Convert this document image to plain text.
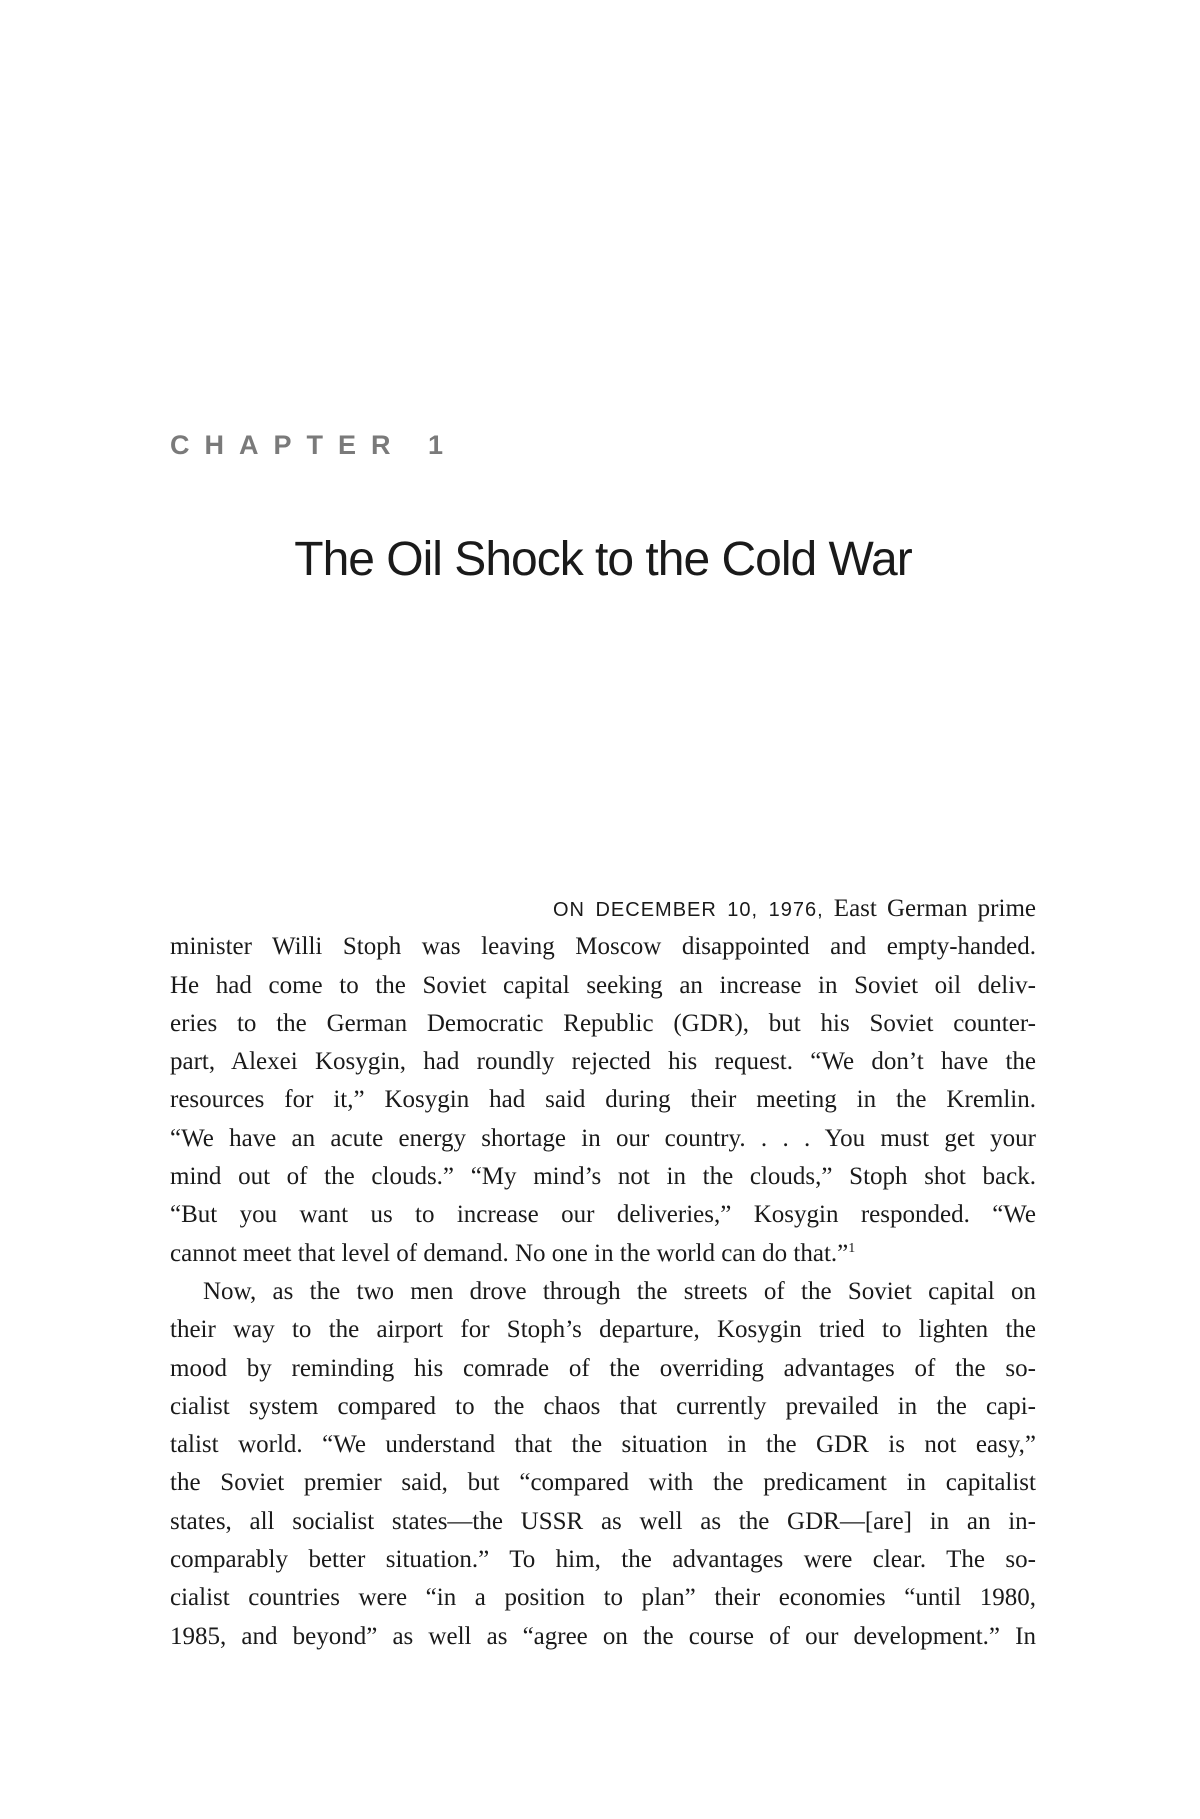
CHAPTER 1
The Oil Shock to the Cold War
ON DECEMBER 10, 1976, East German prime
minister Willi Stoph was leaving Moscow disappointed and empty-handed.
He had come to the Soviet capital seeking an increase in Soviet oil deliv-
eries to the German Democratic Republic (GDR), but his Soviet counter-
part, Alexei Kosygin, had roundly rejected his request. “We don’t have the
resources for it,” Kosygin had said during their meeting in the Kremlin.
“We have an acute energy shortage in our country. . . . You must get your
mind out of the clouds.” “My mind’s not in the clouds,” Stoph shot back.
“But you want us to increase our deliveries,” Kosygin responded. “We
cannot meet that level of demand. No one in the world can do that.”$^1$
Now, as the two men drove through the streets of the Soviet capital on
their way to the airport for Stoph’s departure, Kosygin tried to lighten the
mood by reminding his comrade of the overriding advantages of the so-
cialist system compared to the chaos that currently prevailed in the capi-
talist world. “We understand that the situation in the GDR is not easy,”
the Soviet premier said, but “compared with the predicament in capitalist
states, all socialist states—the USSR as well as the GDR—[are] in an in-
comparably better situation.” To him, the advantages were clear. The so-
cialist countries were “in a position to plan” their economies “until 1980,
1985, and beyond” as well as “agree on the course of our development.” In
